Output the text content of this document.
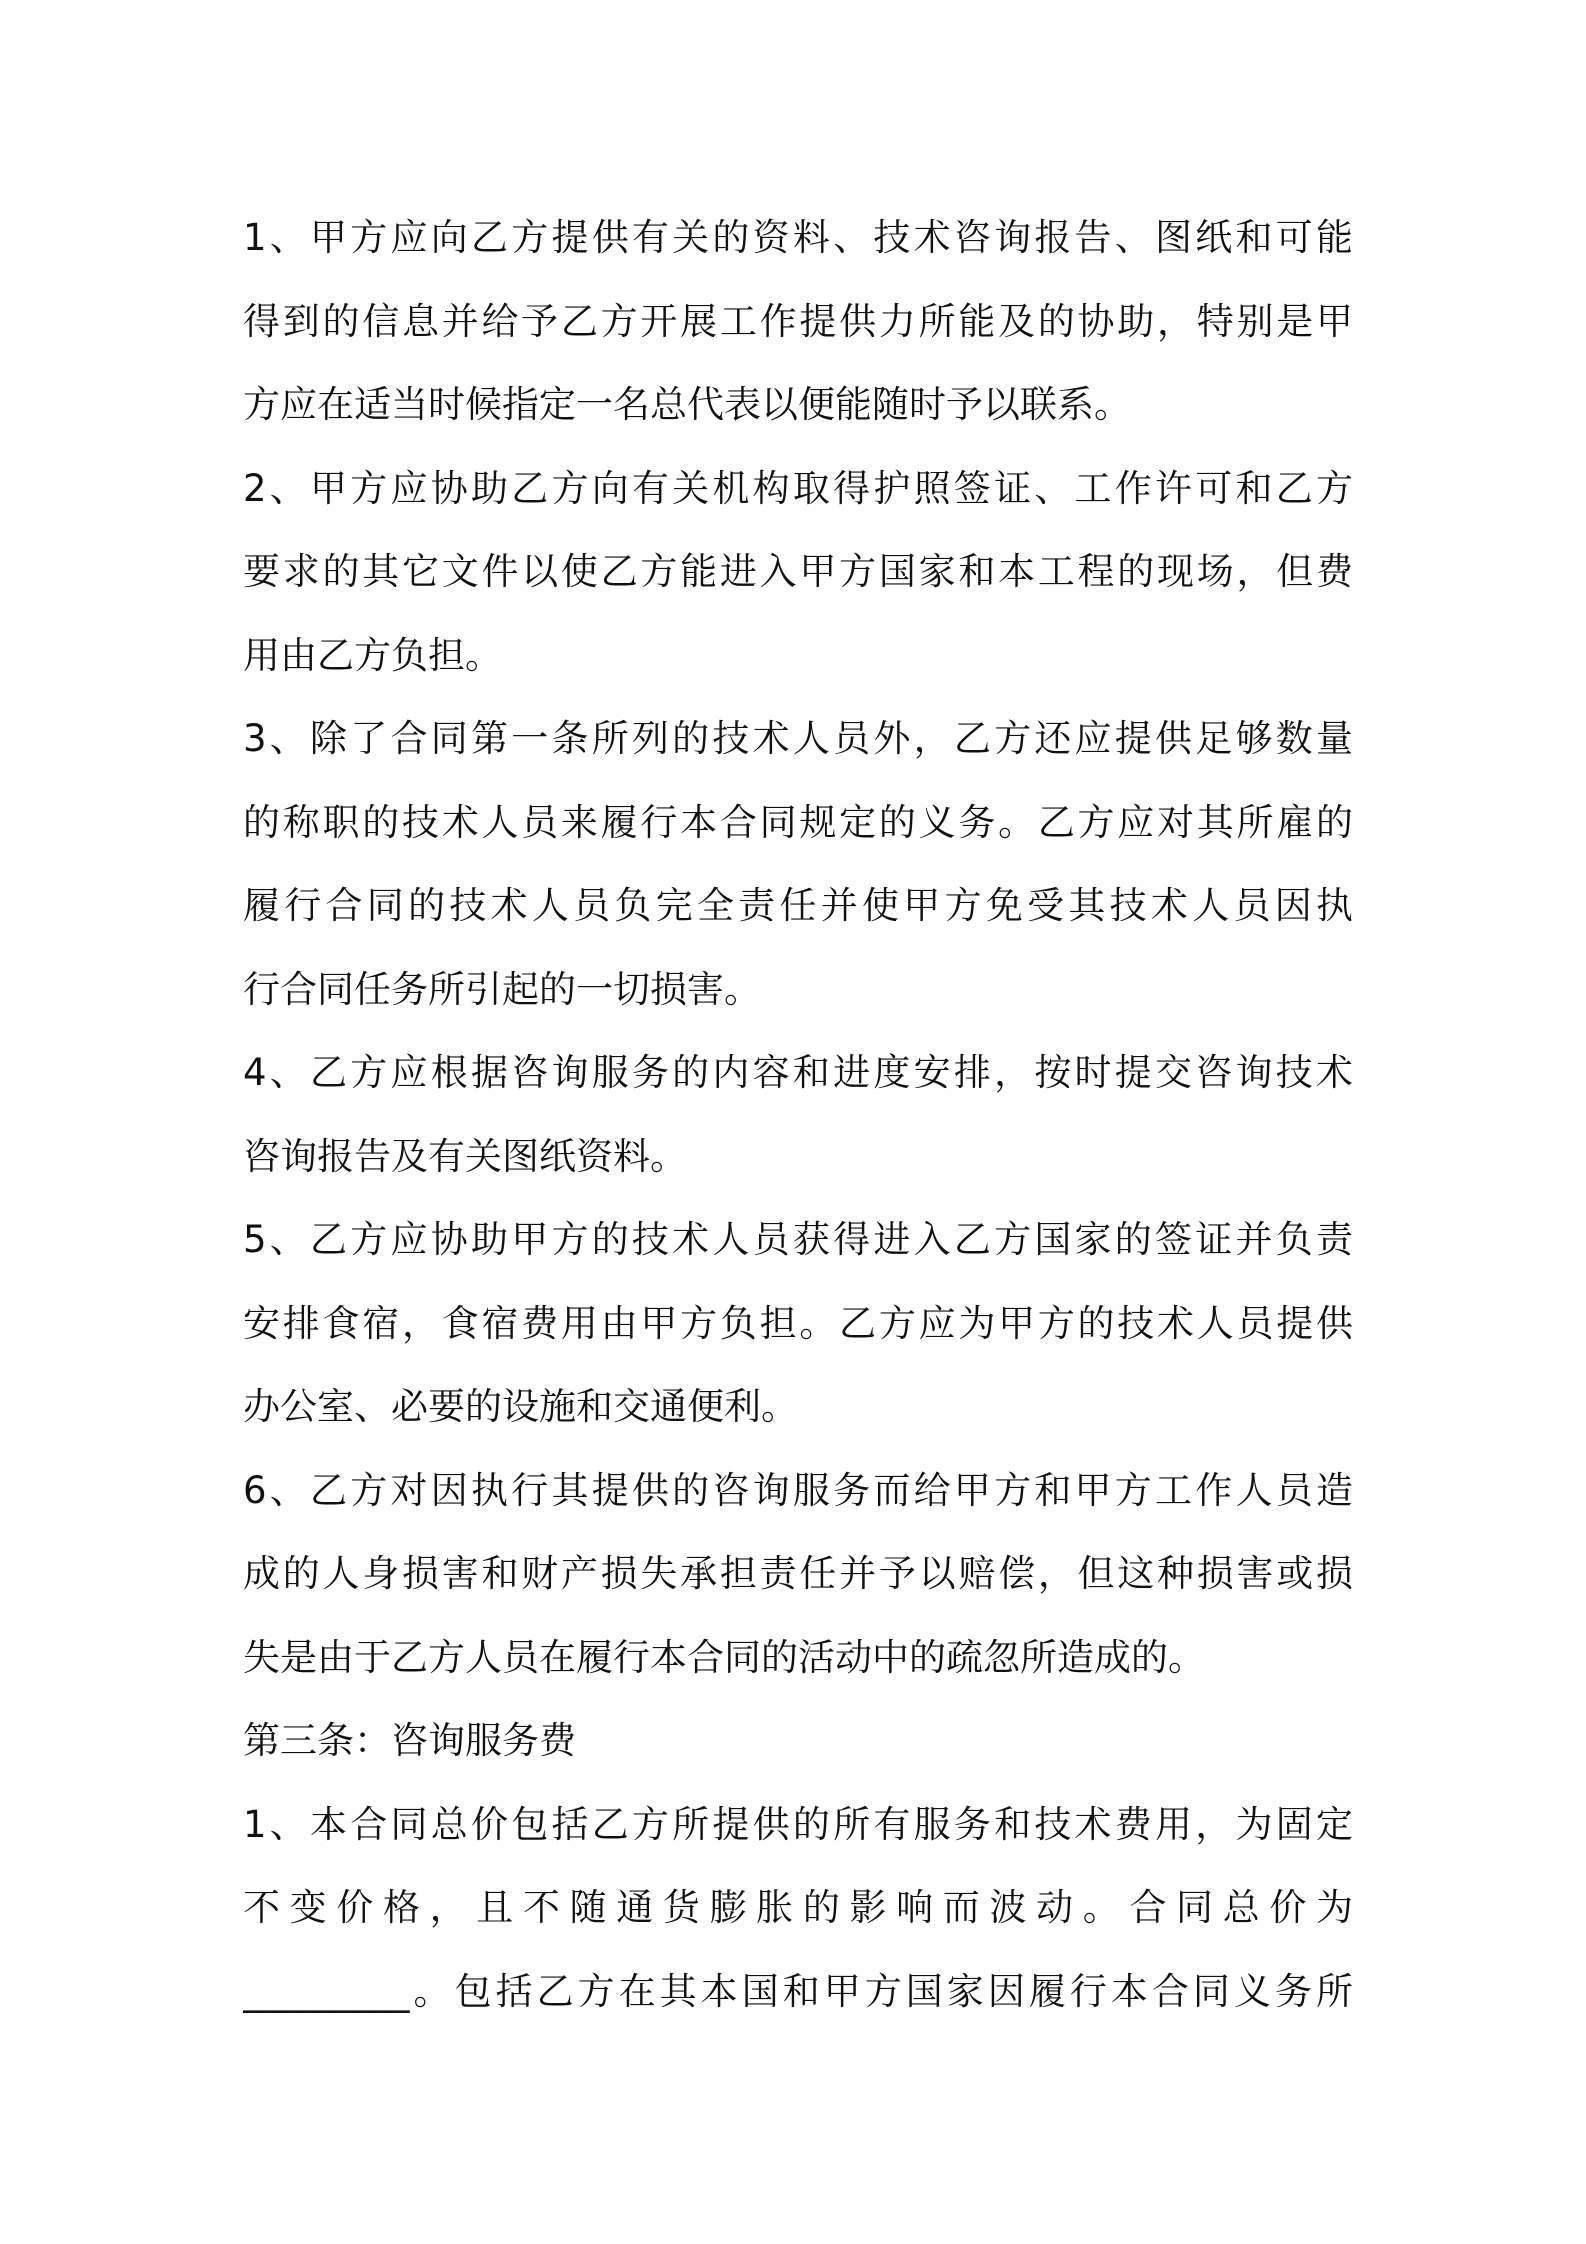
1、甲方应向乙方提供有关的资料、技术咨询报告、图纸和可能
得到的信息并给予乙方开展工作提供力所能及的协助，特别是甲
方应在适当时候指定一名总代表以便能随时予以联系。
2、甲方应协助乙方向有关机构取得护照签证、工作许可和乙方
要求的其它文件以使乙方能进入甲方国家和本工程的现场，但费
用由乙方负担。
3、除了合同第一条所列的技术人员外，乙方还应提供足够数量
的称职的技术人员来履行本合同规定的义务。乙方应对其所雇的
履行合同的技术人员负完全责任并使甲方免受其技术人员因执
行合同任务所引起的一切损害。
4、乙方应根据咨询服务的内容和进度安排，按时提交咨询技术
咨询报告及有关图纸资料。
5、乙方应协助甲方的技术人员获得进入乙方国家的签证并负责
安排食宿，食宿费用由甲方负担。乙方应为甲方的技术人员提供
办公室、必要的设施和交通便利。
6、乙方对因执行其提供的咨询服务而给甲方和甲方工作人员造
成的人身损害和财产损失承担责任并予以赔偿，但这种损害或损
失是由于乙方人员在履行本合同的活动中的疏忽所造成的。
第三条：咨询服务费
1、本合同总价包括乙方所提供的所有服务和技术费用，为固定
不变价格，且不随通货膨胀的影响而波动。合同总价为
_________。包括乙方在其本国和甲方国家因履行本合同义务所
